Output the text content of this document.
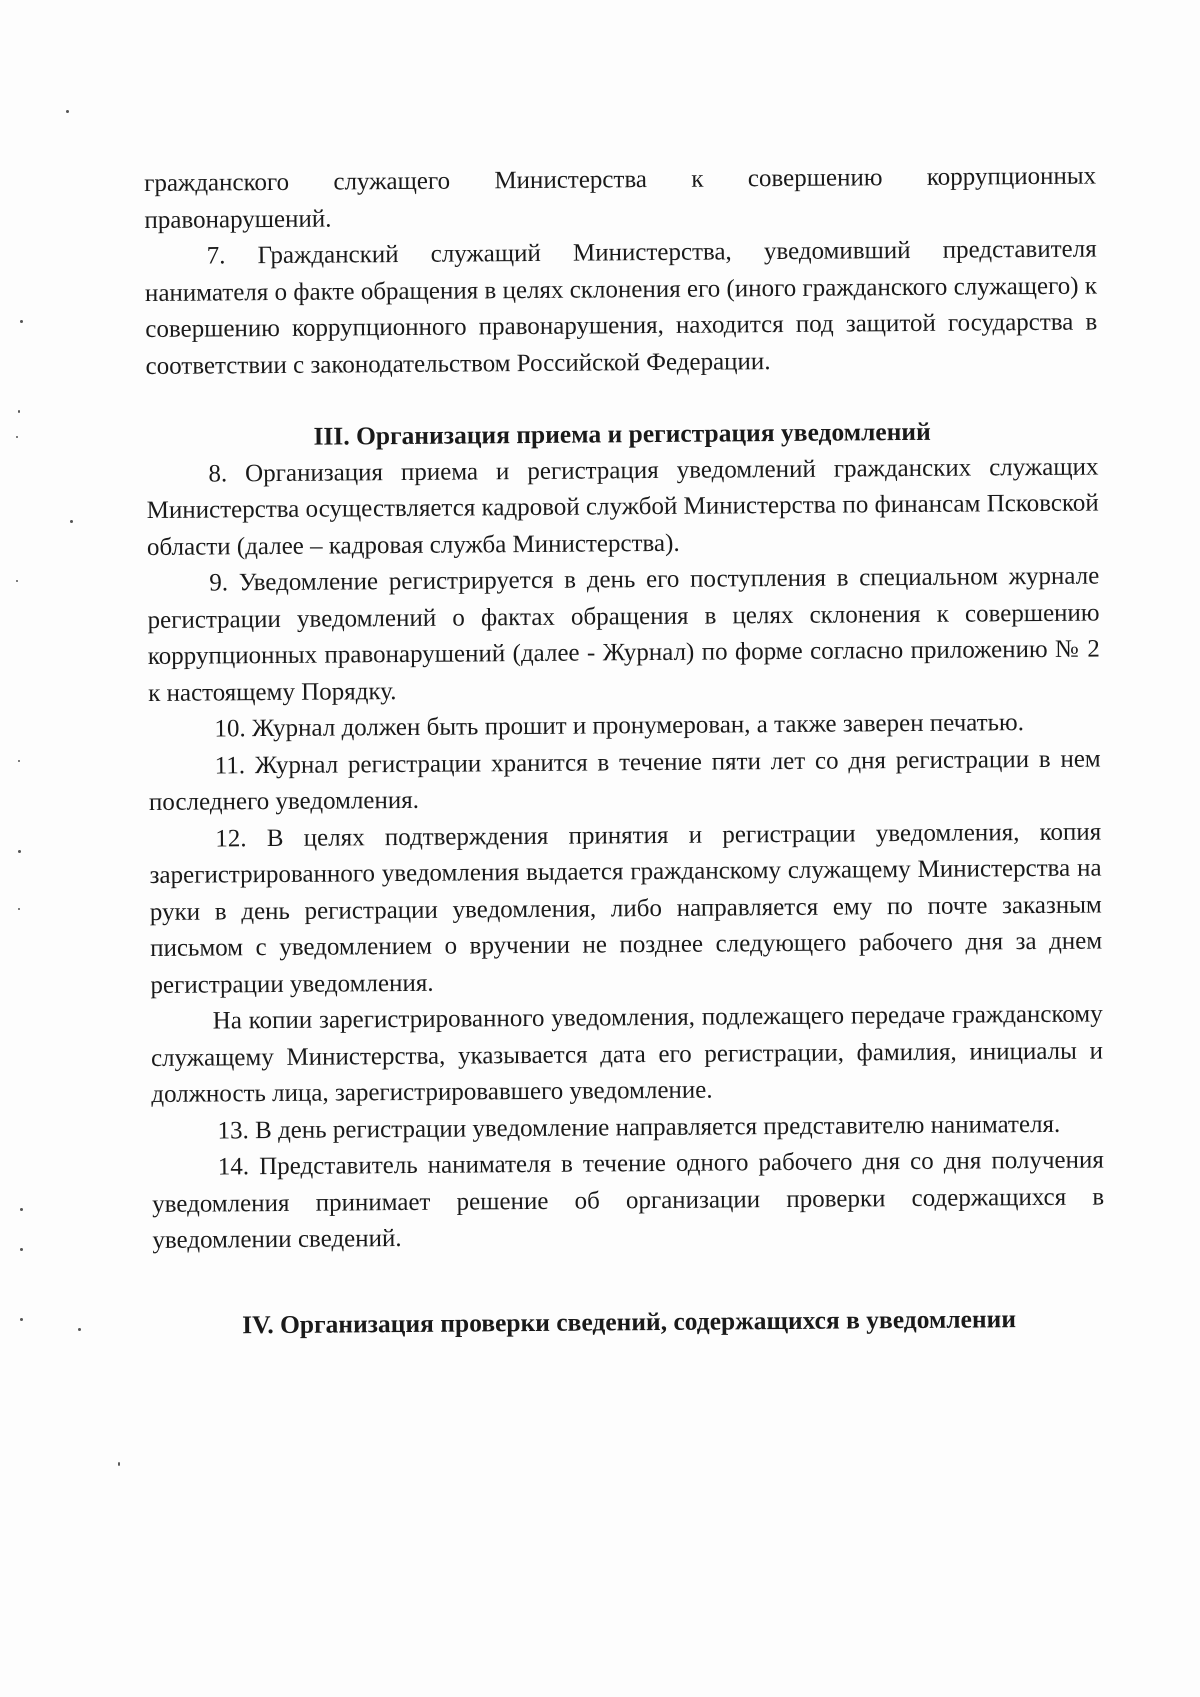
гражданского служащего Министерства к совершению коррупционных правонарушений.

7. Гражданский служащий Министерства, уведомивший представителя нанимателя о факте обращения в целях склонения его (иного гражданского служащего) к совершению коррупционного правонарушения, находится под защитой государства в соответствии с законодательством Российской Федерации.

III. Организация приема и регистрация уведомлений

8. Организация приема и регистрация уведомлений гражданских служащих Министерства осуществляется кадровой службой Министерства по финансам Псковской области (далее – кадровая служба Министерства).

9. Уведомление регистрируется в день его поступления в специальном журнале регистрации уведомлений о фактах обращения в целях склонения к совершению коррупционных правонарушений (далее - Журнал) по форме согласно приложению № 2 к настоящему Порядку.

10. Журнал должен быть прошит и пронумерован, а также заверен печатью.

11. Журнал регистрации хранится в течение пяти лет со дня регистрации в нем последнего уведомления.

12. В целях подтверждения принятия и регистрации уведомления, копия зарегистрированного уведомления выдается гражданскому служащему Министерства на руки в день регистрации уведомления, либо направляется ему по почте заказным письмом с уведомлением о вручении не позднее следующего рабочего дня за днем регистрации уведомления.

На копии зарегистрированного уведомления, подлежащего передаче гражданскому служащему Министерства, указывается дата его регистрации, фамилия, инициалы и должность лица, зарегистрировавшего уведомление.

13. В день регистрации уведомление направляется представителю нанимателя.

14. Представитель нанимателя в течение одного рабочего дня со дня получения уведомления принимает решение об организации проверки содержащихся в уведомлении сведений.

IV. Организация проверки сведений, содержащихся в уведомлении
